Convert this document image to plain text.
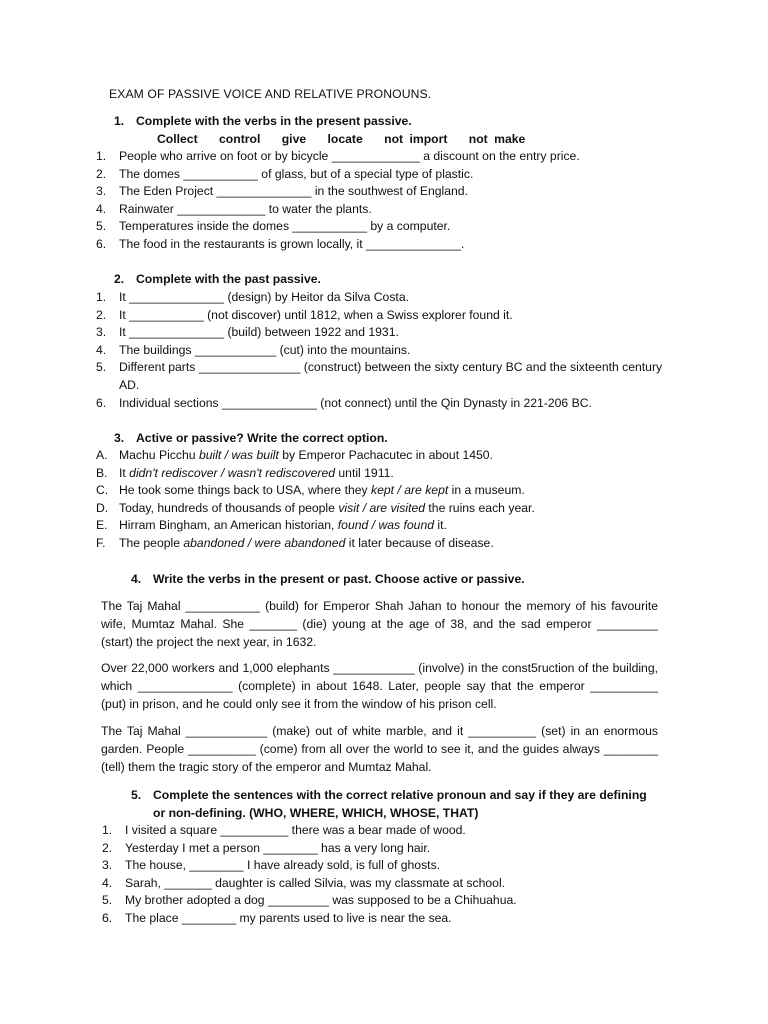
EXAM OF PASSIVE VOICE AND RELATIVE PRONOUNS.
1. Complete with the verbs in the present passive.
Collect control give locate not import not make
1. People who arrive on foot or by bicycle _____________ a discount on the entry price.
2. The domes ___________ of glass, but of a special type of plastic.
3. The Eden Project ______________ in the southwest of England.
4. Rainwater _____________ to water the plants.
5. Temperatures inside the domes ___________ by a computer.
6. The food in the restaurants is grown locally, it ______________.
2. Complete with the past passive.
1. It ______________ (design) by Heitor da Silva Costa.
2. It ___________ (not discover) until 1812, when a Swiss explorer found it.
3. It ______________ (build) between 1922 and 1931.
4. The buildings ____________ (cut) into the mountains.
5. Different parts _______________ (construct) between the sixty century BC and the sixteenth century AD.
6. Individual sections ______________ (not connect) until the Qin Dynasty in 221-206 BC.
3. Active or passive? Write the correct option.
A. Machu Picchu built / was built by Emperor Pachacutec in about 1450.
B. It didn't rediscover / wasn't rediscovered until 1911.
C. He took some things back to USA, where they kept / are kept in a museum.
D. Today, hundreds of thousands of people visit / are visited the ruins each year.
E. Hirram Bingham, an American historian, found / was found it.
F. The people abandoned / were abandoned it later because of disease.
4. Write the verbs in the present or past. Choose active or passive.
The Taj Mahal ___________ (build) for Emperor Shah Jahan to honour the memory of his favourite wife, Mumtaz Mahal. She _______ (die) young at the age of 38, and the sad emperor _________ (start) the project the next year, in 1632.
Over 22,000 workers and 1,000 elephants ____________ (involve) in the const5ruction of the building, which ______________ (complete) in about 1648. Later, people say that the emperor __________ (put) in prison, and he could only see it from the window of his prison cell.
The Taj Mahal ____________ (make) out of white marble, and it __________ (set) in an enormous garden. People __________ (come) from all over the world to see it, and the guides always ________ (tell) them the tragic story of the emperor and Mumtaz Mahal.
5. Complete the sentences with the correct relative pronoun and say if they are defining
or non-defining. (WHO, WHERE, WHICH, WHOSE, THAT)
1. I visited a square __________ there was a bear made of wood.
2. Yesterday I met a person ________ has a very long hair.
3. The house, ________ I have already sold, is full of ghosts.
4. Sarah, _______ daughter is called Silvia, was my classmate at school.
5. My brother adopted a dog _________ was supposed to be a Chihuahua.
6. The place ________ my parents used to live is near the sea.
